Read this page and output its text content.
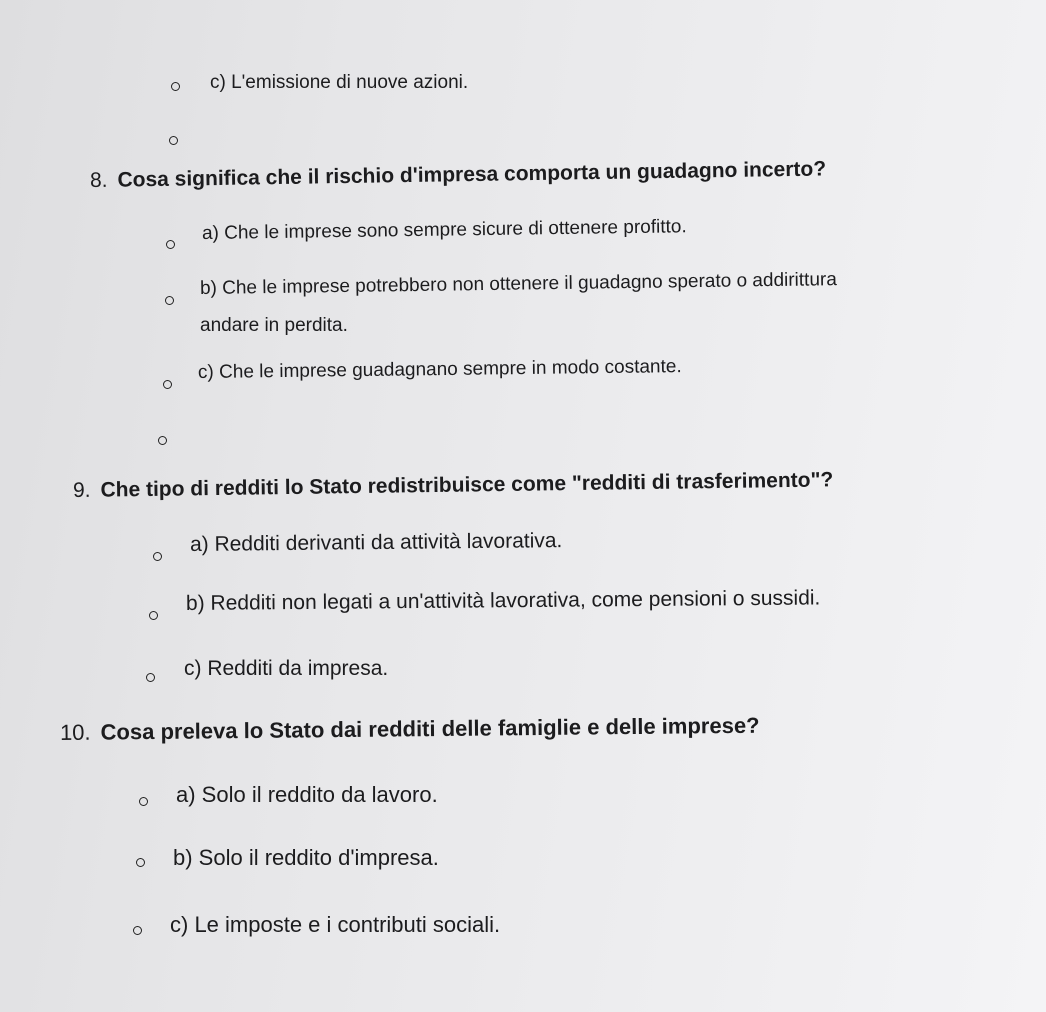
c) L'emissione di nuove azioni.
8. Cosa significa che il rischio d'impresa comporta un guadagno incerto?
a) Che le imprese sono sempre sicure di ottenere profitto.
b) Che le imprese potrebbero non ottenere il guadagno sperato o addirittura
andare in perdita.
c) Che le imprese guadagnano sempre in modo costante.
9. Che tipo di redditi lo Stato redistribuisce come "redditi di trasferimento"?
a) Redditi derivanti da attività lavorativa.
b) Redditi non legati a un'attività lavorativa, come pensioni o sussidi.
c) Redditi da impresa.
10. Cosa preleva lo Stato dai redditi delle famiglie e delle imprese?
a) Solo il reddito da lavoro.
b) Solo il reddito d'impresa.
c) Le imposte e i contributi sociali.
